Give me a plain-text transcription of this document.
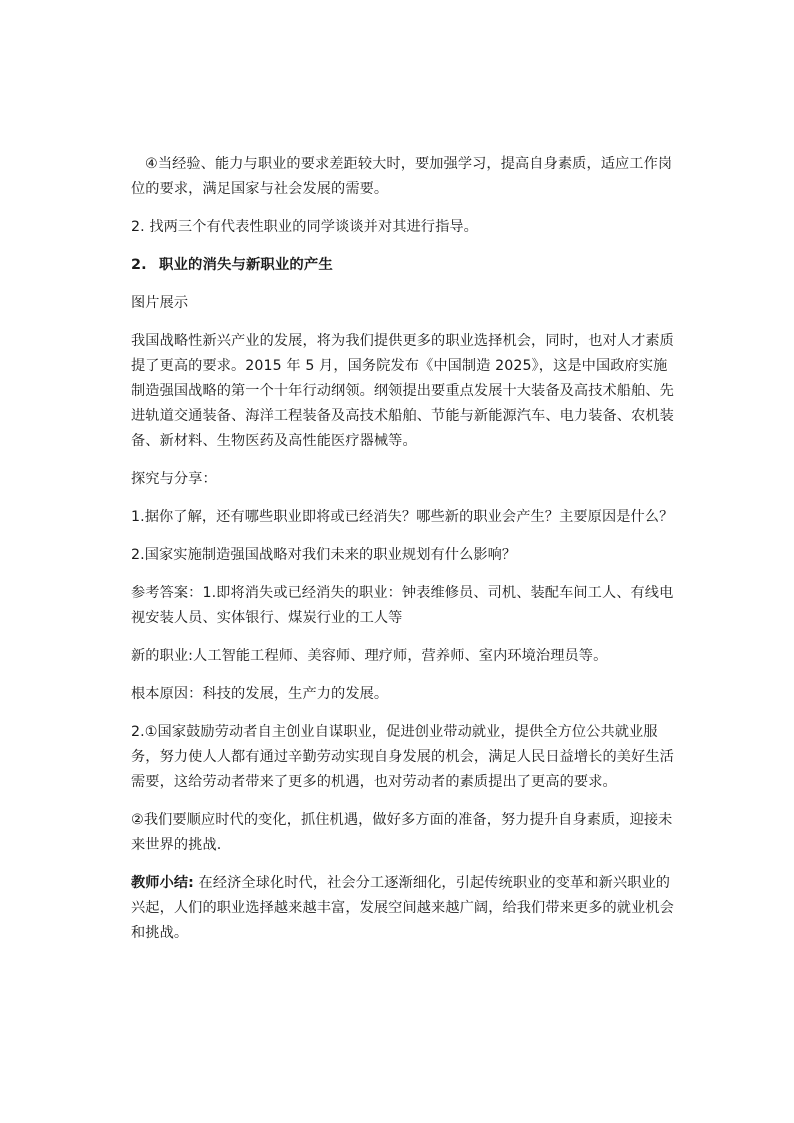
④当经验、能力与职业的要求差距较大时，要加强学习，提高自身素质，适应工作岗位的要求，满足国家与社会发展的需要。

2. 找两三个有代表性职业的同学谈谈并对其进行指导。

2. 职业的消失与新职业的产生

图片展示

我国战略性新兴产业的发展，将为我们提供更多的职业选择机会，同时，也对人才素质提了更高的要求。2015 年 5 月，国务院发布《中国制造 2025》，这是中国政府实施制造强国战略的第一个十年行动纲领。纲领提出要重点发展十大装备及高技术船舶、先进轨道交通装备、海洋工程装备及高技术船舶、节能与新能源汽车、电力装备、农机装备、新材料、生物医药及高性能医疗器械等。

探究与分享：

1.据你了解，还有哪些职业即将或已经消失？哪些新的职业会产生？主要原因是什么？

2.国家实施制造强国战略对我们未来的职业规划有什么影响？

参考答案：1.即将消失或已经消失的职业：钟表维修员、司机、装配车间工人、有线电视安装人员、实体银行、煤炭行业的工人等

新的职业:人工智能工程师、美容师、理疗师，营养师、室内环境治理员等。

根本原因：科技的发展，生产力的发展。

2.①国家鼓励劳动者自主创业自谋职业，促进创业带动就业，提供全方位公共就业服务，努力使人人都有通过辛勤劳动实现自身发展的机会，满足人民日益增长的美好生活需要，这给劳动者带来了更多的机遇，也对劳动者的素质提出了更高的要求。

②我们要顺应时代的变化，抓住机遇，做好多方面的准备，努力提升自身素质，迎接未来世界的挑战.

教师小结: 在经济全球化时代，社会分工逐渐细化，引起传统职业的变革和新兴职业的兴起，人们的职业选择越来越丰富，发展空间越来越广阔，给我们带来更多的就业机会和挑战。
